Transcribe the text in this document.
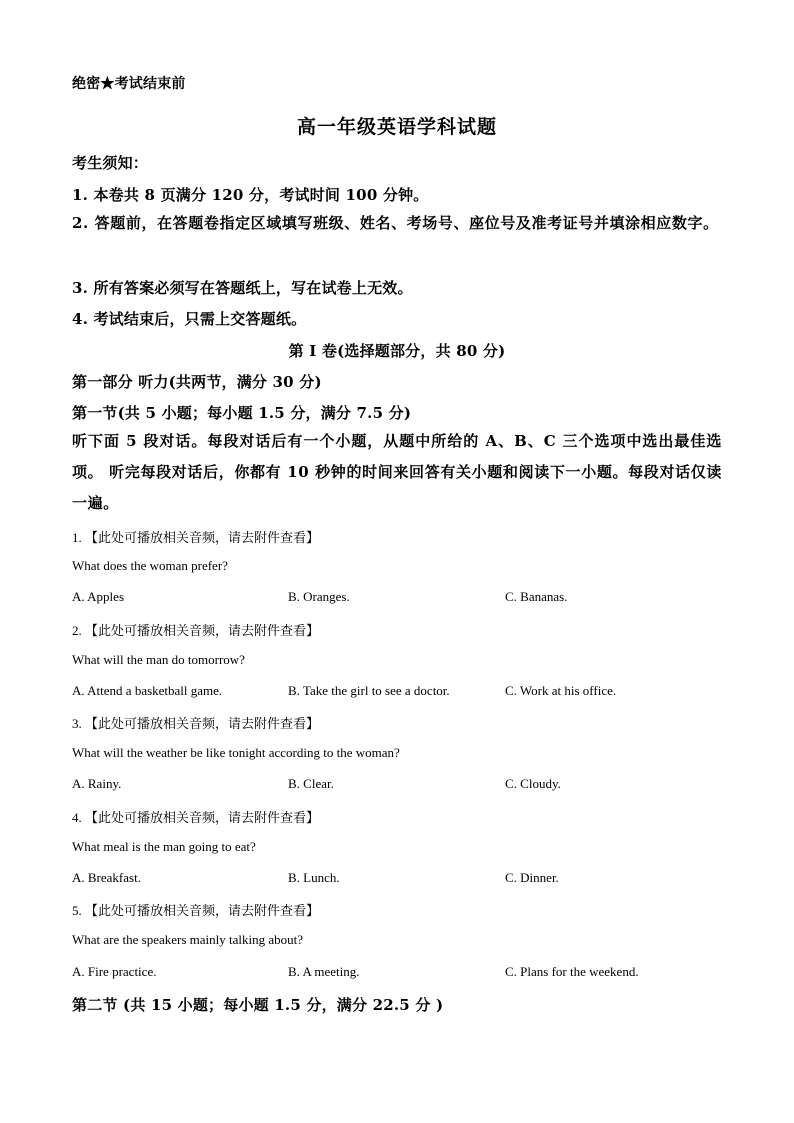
绝密★考试结束前
高一年级英语学科试题
考生须知：
1. 本卷共 8 页满分 120 分，考试时间 100 分钟。
2. 答题前，在答题卷指定区域填写班级、姓名、考场号、座位号及准考证号并填涂相应数字。
3. 所有答案必须写在答题纸上，写在试卷上无效。
4. 考试结束后，只需上交答题纸。
第 I 卷(选择题部分，共 80 分)
第一部分 听力(共两节，满分 30 分)
第一节(共 5 小题；每小题 1.5 分，满分 7.5 分)
听下面 5 段对话。每段对话后有一个小题，从题中所给的 A、B、C 三个选项中选出最佳选项。 听完每段对话后，你都有 10 秒钟的时间来回答有关小题和阅读下一小题。每段对话仅读一遍。
1. 【此处可播放相关音频，请去附件查看】
What does the woman prefer?
A. Apples	B. Oranges.	C. Bananas.
2. 【此处可播放相关音频，请去附件查看】
What will the man do tomorrow?
A. Attend a basketball game.	B. Take the girl to see a doctor.	C. Work at his office.
3. 【此处可播放相关音频，请去附件查看】
What will the weather be like tonight according to the woman?
A. Rainy.	B. Clear.	C. Cloudy.
4. 【此处可播放相关音频，请去附件查看】
What meal is the man going to eat?
A. Breakfast.	B. Lunch.	C. Dinner.
5. 【此处可播放相关音频，请去附件查看】
What are the speakers mainly talking about?
A. Fire practice.	B. A meeting.	C. Plans for the weekend.
第二节 (共 15 小题；每小题 1.5 分，满分 22.5 分 )
